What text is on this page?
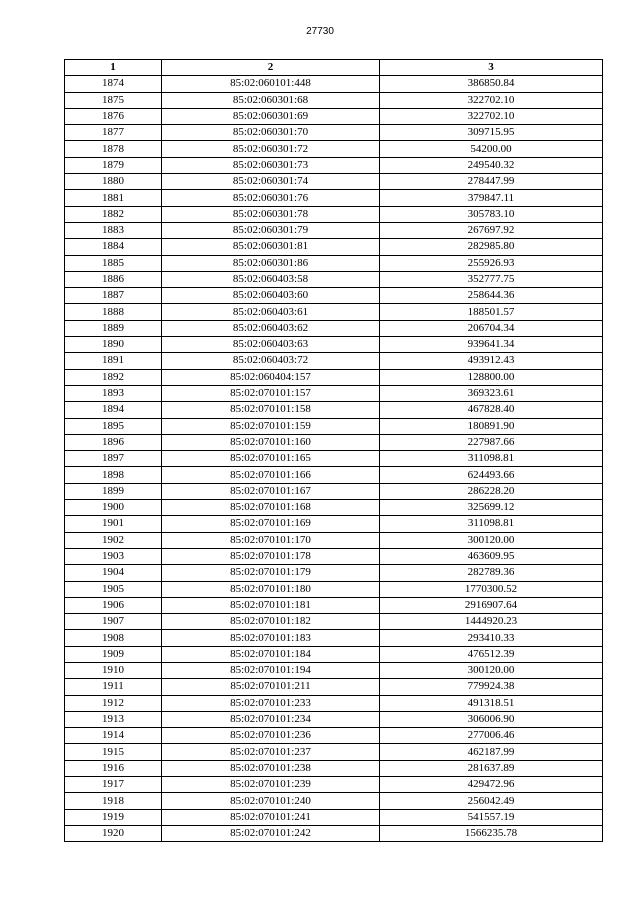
27730
1	2	3
1874	85:02:060101:448	386850.84
1875	85:02:060301:68	322702.10
1876	85:02:060301:69	322702.10
1877	85:02:060301:70	309715.95
1878	85:02:060301:72	54200.00
1879	85:02:060301:73	249540.32
1880	85:02:060301:74	278447.99
1881	85:02:060301:76	379847.11
1882	85:02:060301:78	305783.10
1883	85:02:060301:79	267697.92
1884	85:02:060301:81	282985.80
1885	85:02:060301:86	255926.93
1886	85:02:060403:58	352777.75
1887	85:02:060403:60	258644.36
1888	85:02:060403:61	188501.57
1889	85:02:060403:62	206704.34
1890	85:02:060403:63	939641.34
1891	85:02:060403:72	493912.43
1892	85:02:060404:157	128800.00
1893	85:02:070101:157	369323.61
1894	85:02:070101:158	467828.40
1895	85:02:070101:159	180891.90
1896	85:02:070101:160	227987.66
1897	85:02:070101:165	311098.81
1898	85:02:070101:166	624493.66
1899	85:02:070101:167	286228.20
1900	85:02:070101:168	325699.12
1901	85:02:070101:169	311098.81
1902	85:02:070101:170	300120.00
1903	85:02:070101:178	463609.95
1904	85:02:070101:179	282789.36
1905	85:02:070101:180	1770300.52
1906	85:02:070101:181	2916907.64
1907	85:02:070101:182	1444920.23
1908	85:02:070101:183	293410.33
1909	85:02:070101:184	476512.39
1910	85:02:070101:194	300120.00
1911	85:02:070101:211	779924.38
1912	85:02:070101:233	491318.51
1913	85:02:070101:234	306006.90
1914	85:02:070101:236	277006.46
1915	85:02:070101:237	462187.99
1916	85:02:070101:238	281637.89
1917	85:02:070101:239	429472.96
1918	85:02:070101:240	256042.49
1919	85:02:070101:241	541557.19
1920	85:02:070101:242	1566235.78
